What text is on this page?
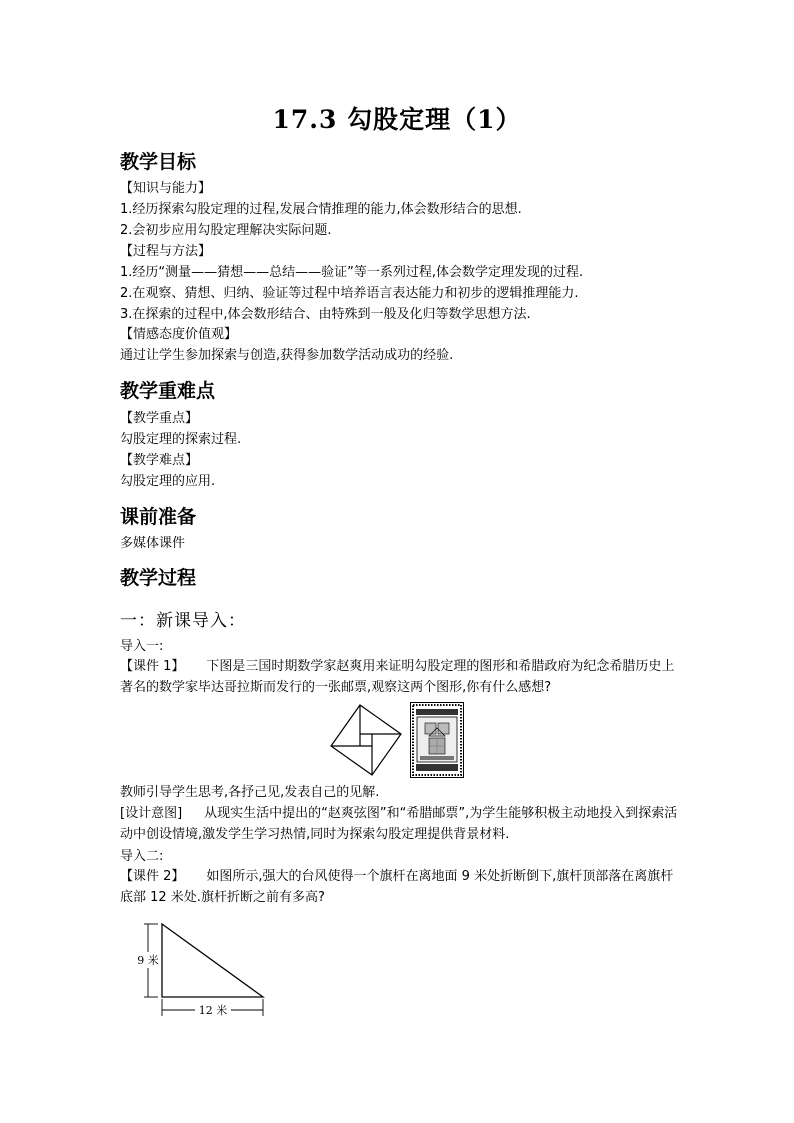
17.3 勾股定理（1）
教学目标
【知识与能力】
1.经历探索勾股定理的过程,发展合情推理的能力,体会数形结合的思想.
2.会初步应用勾股定理解决实际问题.
【过程与方法】
1.经历“测量——猜想——总结——验证”等一系列过程,体会数学定理发现的过程.
2.在观察、猜想、归纳、验证等过程中培养语言表达能力和初步的逻辑推理能力.
3.在探索的过程中,体会数形结合、由特殊到一般及化归等数学思想方法.
【情感态度价值观】
通过让学生参加探索与创造,获得参加数学活动成功的经验.
教学重难点
【教学重点】
勾股定理的探索过程.
【教学难点】
勾股定理的应用.
课前准备
多媒体课件
教学过程
一：新课导入：
导入一:
【课件 1】 下图是三国时期数学家赵爽用来证明勾股定理的图形和希腊政府为纪念希腊历史上著名的数学家毕达哥拉斯而发行的一张邮票,观察这两个图形,你有什么感想?
教师引导学生思考,各抒己见,发表自己的见解.
[设计意图] 从现实生活中提出的“赵爽弦图”和“希腊邮票”,为学生能够积极主动地投入到探索活动中创设情境,激发学生学习热情,同时为探索勾股定理提供背景材料.
导入二:
【课件 2】 如图所示,强大的台风使得一个旗杆在离地面 9 米处折断倒下,旗杆顶部落在离旗杆底部 12 米处.旗杆折断之前有多高?
9 米
12 米
